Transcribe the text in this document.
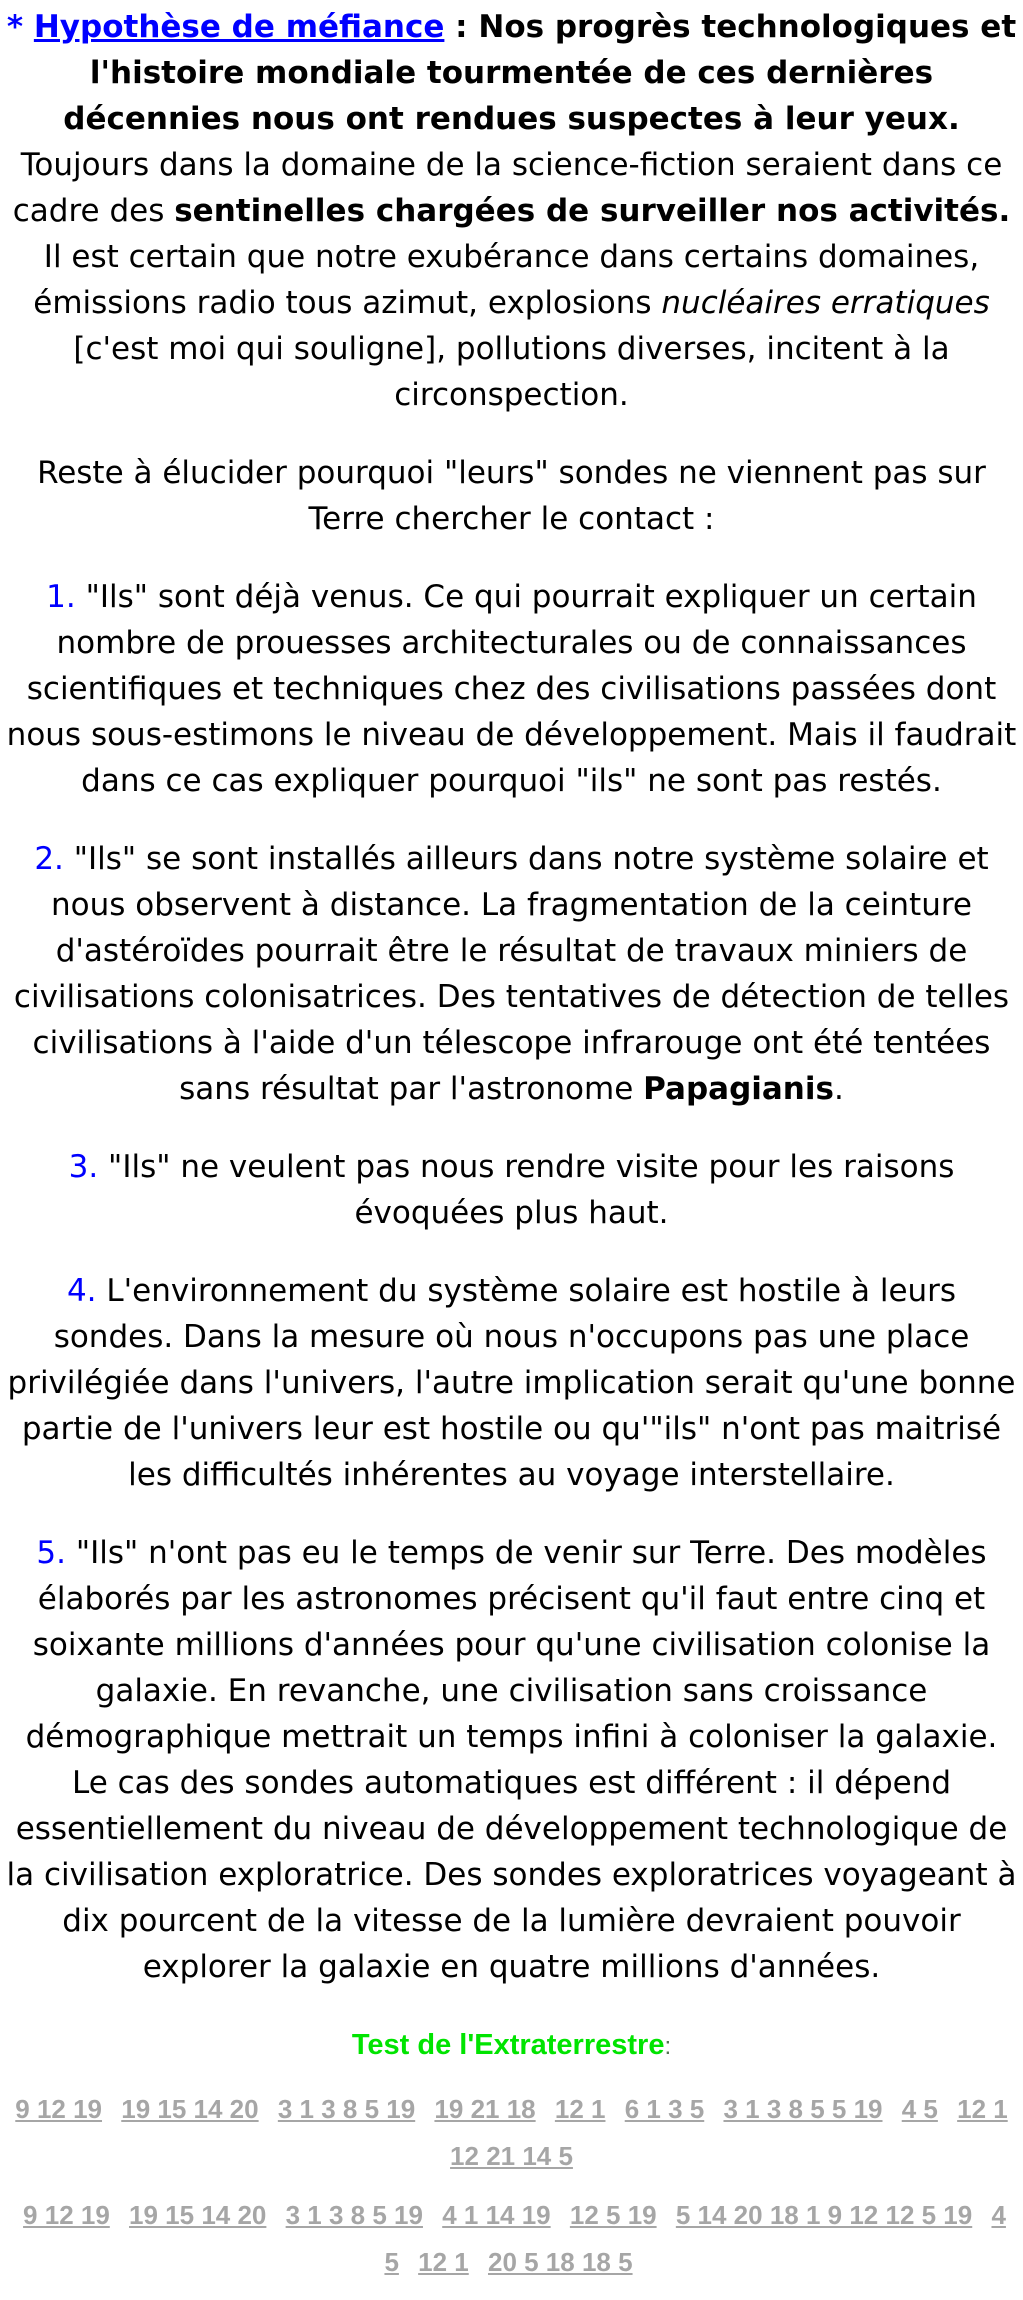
* Hypothèse de méfiance : Nos progrès technologiques et l'histoire mondiale tourmentée de ces dernières décennies nous ont rendues suspectes à leur yeux. Toujours dans la domaine de la science-fiction seraient dans ce cadre des sentinelles chargées de surveiller nos activités. Il est certain que notre exubérance dans certains domaines, émissions radio tous azimut, explosions nucléaires erratiques [c'est moi qui souligne], pollutions diverses, incitent à la circonspection.

Reste à élucider pourquoi "leurs" sondes ne viennent pas sur Terre chercher le contact :

1. "Ils" sont déjà venus. Ce qui pourrait expliquer un certain nombre de prouesses architecturales ou de connaissances scientifiques et techniques chez des civilisations passées dont nous sous-estimons le niveau de développement. Mais il faudrait dans ce cas expliquer pourquoi "ils" ne sont pas restés.

2. "Ils" se sont installés ailleurs dans notre système solaire et nous observent à distance. La fragmentation de la ceinture d'astéroïdes pourrait être le résultat de travaux miniers de civilisations colonisatrices. Des tentatives de détection de telles civilisations à l'aide d'un télescope infrarouge ont été tentées sans résultat par l'astronome Papagianis.

3. "Ils" ne veulent pas nous rendre visite pour les raisons évoquées plus haut.

4. L'environnement du système solaire est hostile à leurs sondes. Dans la mesure où nous n'occupons pas une place privilégiée dans l'univers, l'autre implication serait qu'une bonne partie de l'univers leur est hostile ou qu'"ils" n'ont pas maitrisé les difficultés inhérentes au voyage interstellaire.

5. "Ils" n'ont pas eu le temps de venir sur Terre. Des modèles élaborés par les astronomes précisent qu'il faut entre cinq et soixante millions d'années pour qu'une civilisation colonise la galaxie. En revanche, une civilisation sans croissance démographique mettrait un temps infini à coloniser la galaxie. Le cas des sondes automatiques est différent : il dépend essentiellement du niveau de développement technologique de la civilisation exploratrice. Des sondes exploratrices voyageant à dix pourcent de la vitesse de la lumière devraient pouvoir explorer la galaxie en quatre millions d'années.

Test de l'Extraterrestre:

9 12 19 19 15 14 20 3 1 3 8 5 19 19 21 18 12 1 6 1 3 5 3 1 3 8 5 5 19 4 5 12 1 12 21 14 5

9 12 19 19 15 14 20 3 1 3 8 5 19 4 1 14 19 12 5 19 5 14 20 18 1 9 12 12 5 19 4 5 12 1 20 5 18 18 5
